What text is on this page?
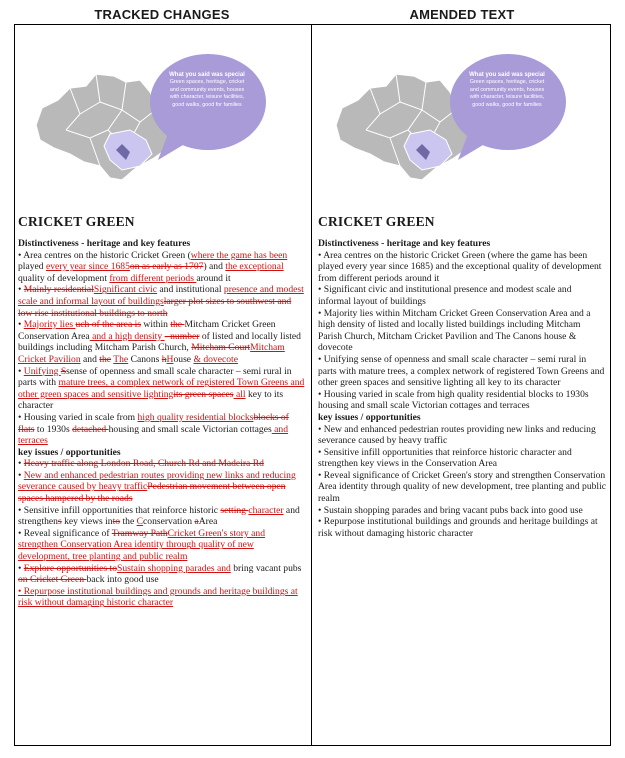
TRACKED CHANGES	AMENDED TEXT
What you said was special
Green spaces, heritage, cricket
and community events, houses
with character, leisure facilities,
good walks, good for families
CRICKET GREEN

Distinctiveness - heritage and key features

• Area centres on the historic Cricket Green (where the game has been played every year since 1685on as early as 1707) and the exceptional quality of development from different periods around it

• Mainly residentialSignificant civic and institutional presence and modest scale and informal layout of buildingslarger plot sizes to southwest and low rise institutional buildings to north

• Majority lies uch of the area is within the Mitcham Cricket Green Conservation Area and a high density - number of listed and locally listed buildings including Mitcham Parish Church, Mitcham CourtMitcham Cricket Pavilion and the The Canons hHouse & dovecote

• Unifying Ssense of openness and small scale character – semi rural in parts with mature trees, a complex network of registered Town Greens and other green spaces and sensitive lightingits green spaces all key to its character

• Housing varied in scale from high quality residential blocksblocks of flats to 1930s detached housing and small scale Victorian cottages and terraces

key issues / opportunities

• Heavy traffic along London Road, Church Rd and Madeira Rd

• New and enhanced pedestrian routes providing new links and reducing severance caused by heavy trafficPedestrian movement between open spaces hampered by the roads

• Sensitive infill opportunities that reinforce historic setting character and strengthens key views into the Cconservation aArea

• Reveal significance of Tramway PathCricket Green's story and strengthen Conservation Area identity through quality of new development, tree planting and public realm

• Explore opportunities toSustain shopping parades and bring vacant pubs on Cricket Green back into good use

• Repurpose institutional buildings and grounds and heritage buildings at risk without damaging historic character

What you said was special
Green spaces, heritage, cricket
and community events, houses
with character, leisure facilities,
good walks, good for families
CRICKET GREEN

Distinctiveness - heritage and key features

• Area centres on the historic Cricket Green (where the game has been played every year since 1685) and the exceptional quality of development from different periods around it

• Significant civic and institutional presence and modest scale and informal layout of buildings

• Majority lies within Mitcham Cricket Green Conservation Area and a high density of listed and locally listed buildings including Mitcham Parish Church, Mitcham Cricket Pavilion and The Canons house & dovecote

• Unifying sense of openness and small scale character – semi rural in parts with mature trees, a complex network of registered Town Greens and other green spaces and sensitive lighting all key to its character

• Housing varied in scale from high quality residential blocks to 1930s housing and small scale Victorian cottages and terraces

key issues / opportunities

• New and enhanced pedestrian routes providing new links and reducing severance caused by heavy traffic

• Sensitive infill opportunities that reinforce historic character and strengthen key views in the Conservation Area

• Reveal significance of Cricket Green's story and strengthen Conservation Area identity through quality of new development, tree planting and public realm

• Sustain shopping parades and bring vacant pubs back into good use

• Repurpose institutional buildings and grounds and heritage buildings at risk without damaging historic character
